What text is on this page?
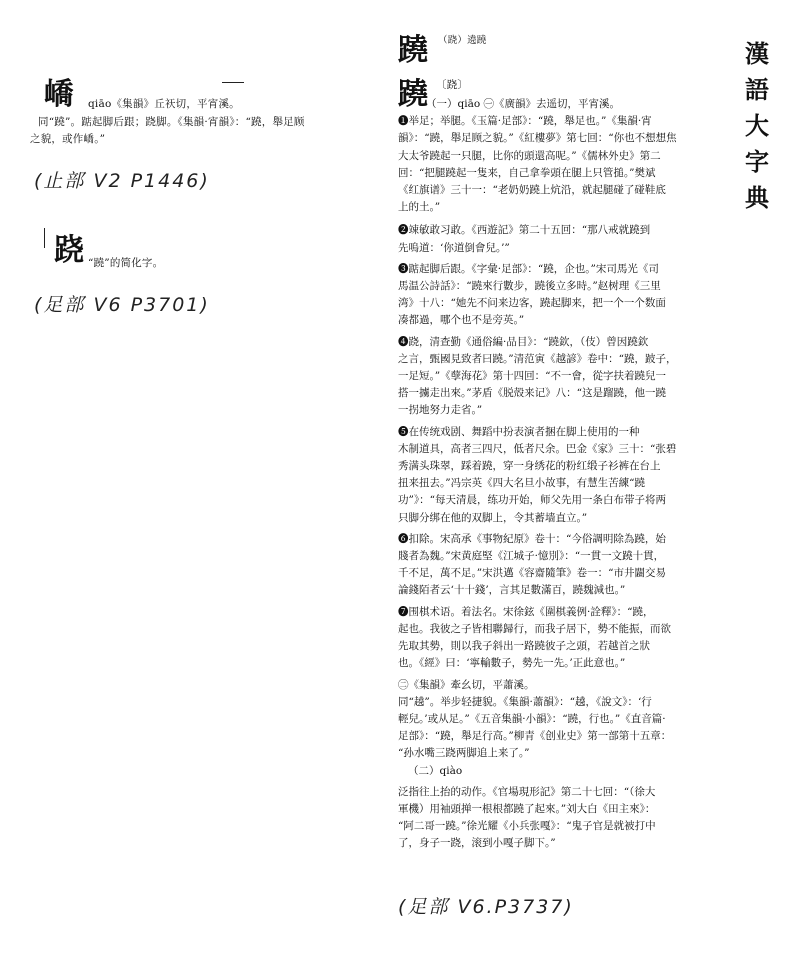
漢
語
大
字
典
嶠 qiāo《集韻》丘祆切，平宵溪。
同“蹺”。踮起脚后跟；跷脚。《集韻·宵韻》：“蹺，舉足顾
之貌，或作嶠。”
(止部 V2 P1446)
跷 “蹺”的简化字。
(足部 V6 P3701)
蹺 （跷）遶蹺
蹺 〔跷〕

（一）qiāo ㊀《廣韻》去遥切，平宵溪。

❶举足；举腿。《玉篇·足部》：“蹺，舉足也。”《集韻·宵

韻》：“蹺，舉足顾之貌。”《紅樓夢》第七回：“你也不想想焦

大太爷蹺起一只腿，比你的頭還高呢。”《儒林外史》第二

回：“把腿蹺起一隻来，自己拿拳頭在腿上只管搥。”樊斌

《红旗谱》三十一：“老奶奶蹺上炕沿，就起腿碰了碰鞋底

上的土。”

❷竦敏敢习敢。《西遊記》第二十五回：“那八戒就蹺到

先嗚道：‘你道倒會兒。’”

❸踮起脚后跟。《字彙·足部》：“蹺，企也。”宋司馬光《司

馬温公詩話》：“蹺來行數步，蹺後立多時。”赵树理《三里

湾》十八：“她先不问来边客，蹺起脚来，把一个一个数面

凑都過，哪个也不是旁英。”

❹跷，清查勤《通俗編·品目》：“蹺欽，（伎）曾因蹺欽

之言，甄國見致者曰蹺。”清范寅《越諺》卷中：“蹺，跛子，

一足短。”《孽海花》第十四回：“不一會，從字扶着蹺兒一

搭一擄走出來。”茅盾《脱殻来记》八：“这是蹓蹺，他一蹺

一拐地努力走省。”

❺在传统戏剧、舞蹈中扮表演者捆在脚上使用的一种

木制道具，高者三四尺，低者尺余。巴金《家》三十：“张碧

秀满头珠翠，踩着蹺，穿一身绣花的粉红缎子衫裤在台上

扭来扭去。”冯宗英《四大名旦小故事，有慧生苦練“蹺

功”》：“每天清晨，练功开始，师父先用一条白布带子将两

只脚分绑在他的双脚上，令其蓄墙直立。”

❻扣除。宋高承《事物紀原》卷十：“今俗調明除為蹺，始

賤者為魏。”宋黄庭堅《江城子·憶別》：“一貫一文蹺十貫，

千不足，萬不足。”宋洪邁《容齋隨筆》卷一：“市井闢交易

論錢陌者云‘十十錢’，言其足數滿百，蹺魏減也。”

❼围棋术语。着法名。宋徐鉉《圍棋義例·詮釋》：“蹺，

起也。我彼之子皆相聯歸行，而我子居下，勢不能振，而欲

先取其勢，則以我子斜出一路蹺彼子之頭，若越首之狀

也。《經》曰：‘寧輸數子，勢先一先。’正此意也。”

㊁《集韻》牽幺切，平蕭溪。

同“趬”。举步轻捷貌。《集韻·蕭韻》：“趬，《說文》：‘行

輕兒。’或从足。”《五音集韻·小韻》：“蹺，行也。”《直音篇·

足部》：“蹺，舉足行高。”柳青《创业史》第一部第十五章：

“孙水嘴三跷两脚追上来了。”

（二）qiào

泛指往上抬的动作。《官場現形記》第二十七回：“（徐大

軍機）用袖頭掸一根根都蹺了起來。”刘大白《田主來》：

“阿二哥一蹺。”徐光耀《小兵张嘎》：“鬼子官是就被打中

了，身子一跷，滚到小嘎子脚下。”

(足部 V6.P3737)
